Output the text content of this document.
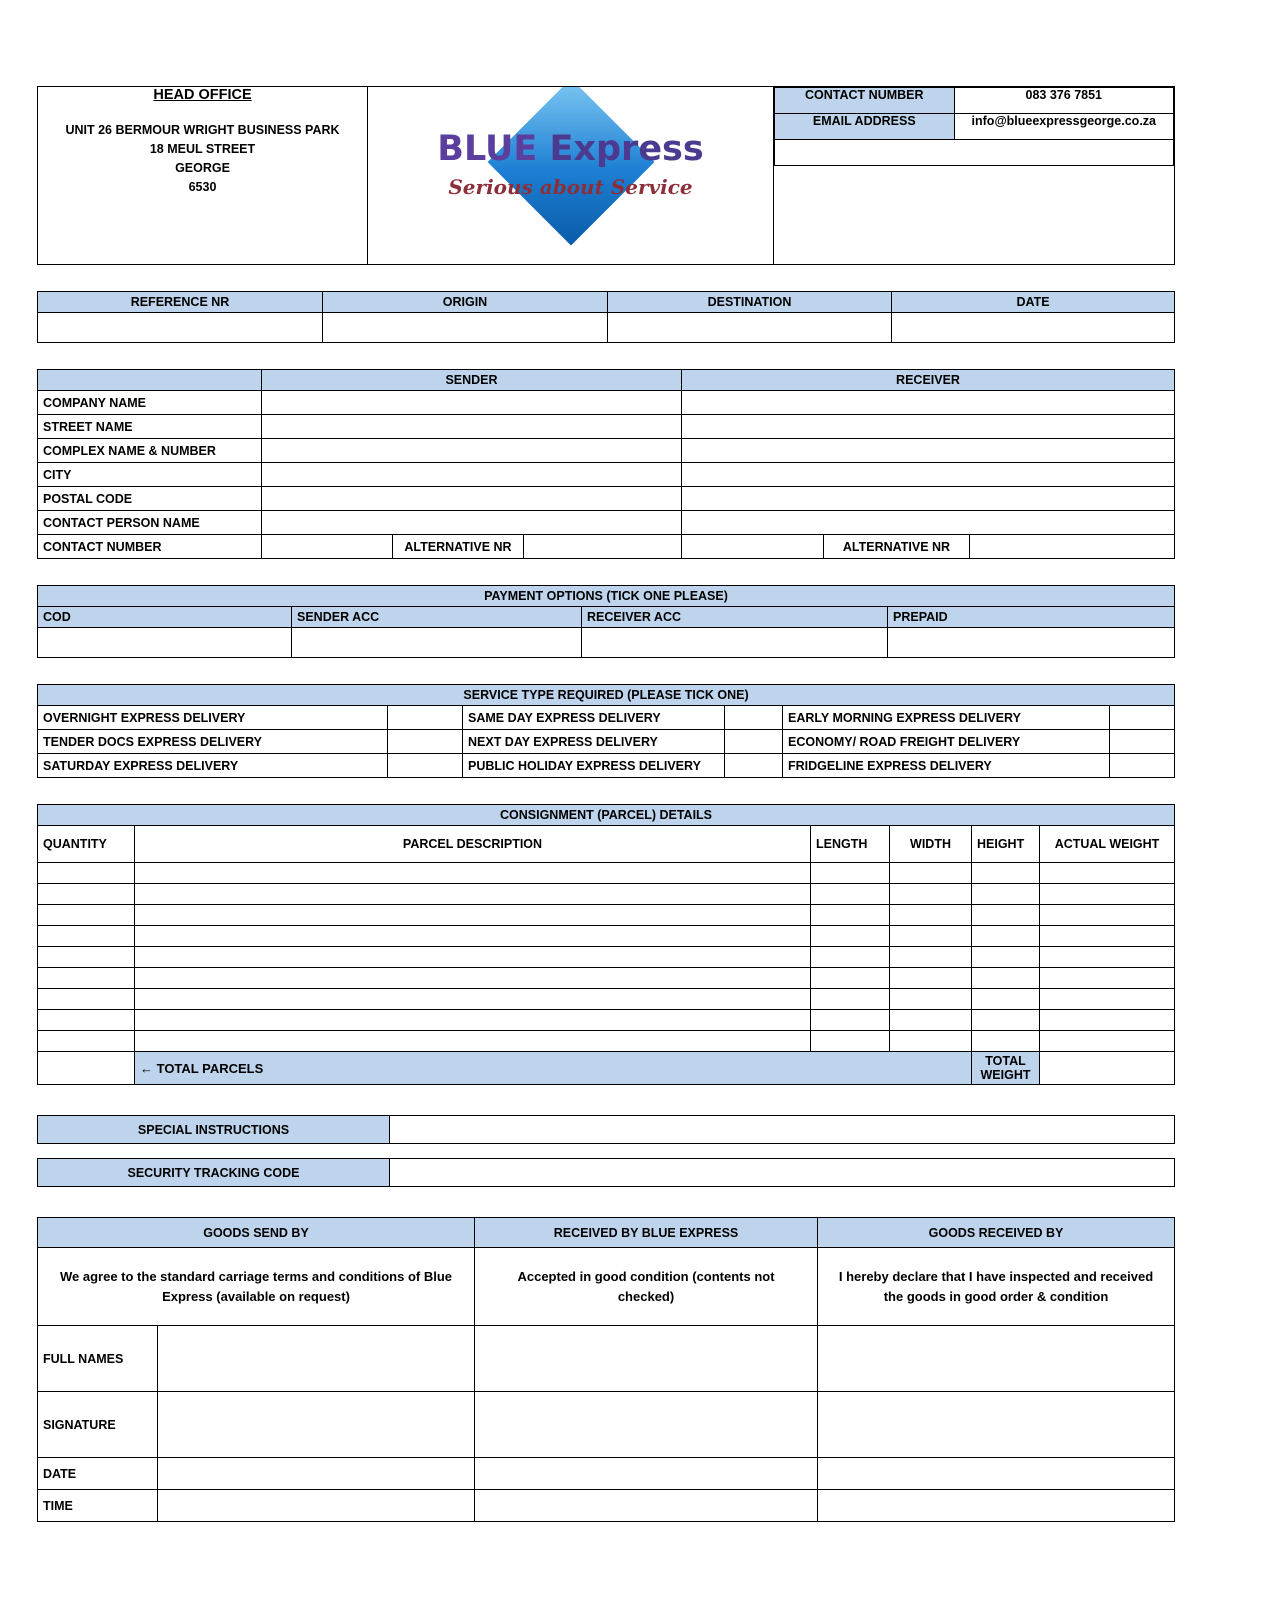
HEAD OFFICE
UNIT 26 BERMOUR WRIGHT BUSINESS PARK
18 MEUL STREET
GEORGE
6530

BLUE Express
Serious about Service

CONTACT NUMBER	083 376 7851
EMAIL ADDRESS	info@blueexpressgeorge.co.za

REFERENCE NR	ORIGIN	DESTINATION	DATE

	SENDER			RECEIVER		
COMPANY NAME						
STREET NAME						
COMPLEX NAME & NUMBER						
CITY						
POSTAL CODE						
CONTACT PERSON NAME						
CONTACT NUMBER		ALTERNATIVE NR			ALTERNATIVE NR	
PAYMENT OPTIONS (TICK ONE PLEASE)			
COD	SENDER ACC	RECEIVER ACC	PREPAID

SERVICE TYPE REQUIRED (PLEASE TICK ONE)					
OVERNIGHT EXPRESS DELIVERY		SAME DAY EXPRESS DELIVERY		EARLY MORNING EXPRESS DELIVERY	
TENDER DOCS EXPRESS DELIVERY		NEXT DAY EXPRESS DELIVERY		ECONOMY/ ROAD FREIGHT DELIVERY	
SATURDAY EXPRESS DELIVERY		PUBLIC HOLIDAY EXPRESS DELIVERY		FRIDGELINE EXPRESS DELIVERY	
CONSIGNMENT (PARCEL) DETAILS					
QUANTITY	PARCEL DESCRIPTION	LENGTH	WIDTH	HEIGHT	ACTUAL WEIGHT

	← TOTAL PARCELS			TOTAL WEIGHT	
SPECIAL INSTRUCTIONS	
SECURITY TRACKING CODE	
GOODS SEND BY		RECEIVED BY BLUE EXPRESS	GOODS RECEIVED BY
We agree to the standard carriage terms and conditions of Blue Express (available on request)		Accepted in good condition (contents not checked)	I hereby declare that I have inspected and received the goods in good order & condition
FULL NAMES			
SIGNATURE			
DATE			
TIME			
